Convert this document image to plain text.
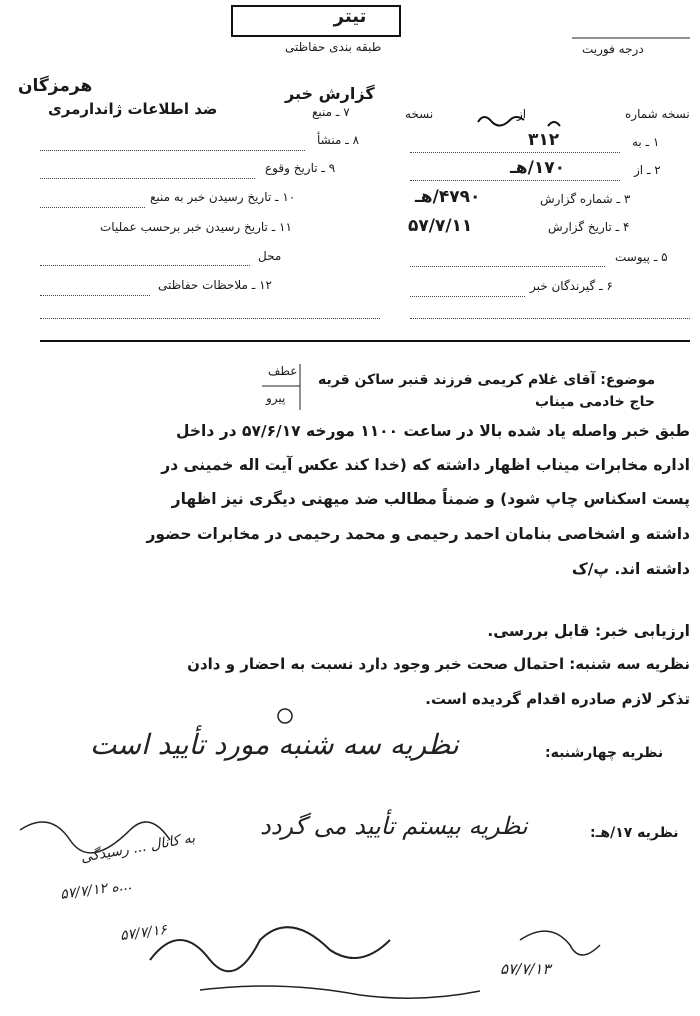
تیتر
طبقه بندی حفاظتی	درجه فوریت
هرمزگان	گزارش خبر
نسخه شماره
از
نسخه
۱ ـ به
۳۱۲
۲ ـ از
۱۷۰/هـ
۳ ـ شماره گزارش
۴۷۹۰/هـ
۴ ـ تاریخ گزارش
۵۷/۷/۱۱
۵ ـ پیوست
۶ ـ گیرندگان خبر
۷ ـ منبع
ضد اطلاعات ژاندارمری
۸ ـ منشأ
۹ ـ تاریخ وقوع
۱۰ ـ تاریخ رسیدن خبر به منبع
۱۱ ـ تاریخ رسیدن خبر برحسب عملیات
محل
۱۲ ـ ملاحظات حفاظتی
عطف
پیرو
موضوع: آقای غلام کریمی فرزند قنبر ساکن قریه
حاج خادمی میناب
طبق خبر واصله یاد شده بالا در ساعت ۱۱۰۰ مورخه ۵۷/۶/۱۷ در داخل
اداره مخابرات میناب اظهار داشته که (خدا کند عکس آیت اله خمینی در
پست اسکناس چاپ شود) و ضمناً مطالب ضد میهنی دیگری نیز اظهار
داشته و اشخاصی بنامان احمد رحیمی و محمد رحیمی در مخابرات حضور
داشته اند. پ/ک
ارزیابی خبر: قابل بررسی.
نظریه سه شنبه: احتمال صحت خبر وجود دارد نسبت به احضار و دادن
تذکر لازم صادره اقدام گردیده است.
نظریه چهارشنبه:
نظریه سه شنبه مورد تأیید است
نظریه ۱۷/هـ:
نظریه بیستم تأیید می گردد
به کانال ... رسیدگی
...ه ۵۷/۷/۱۲
۵۷/۷/۱۶
۵۷/۷/۱۳
